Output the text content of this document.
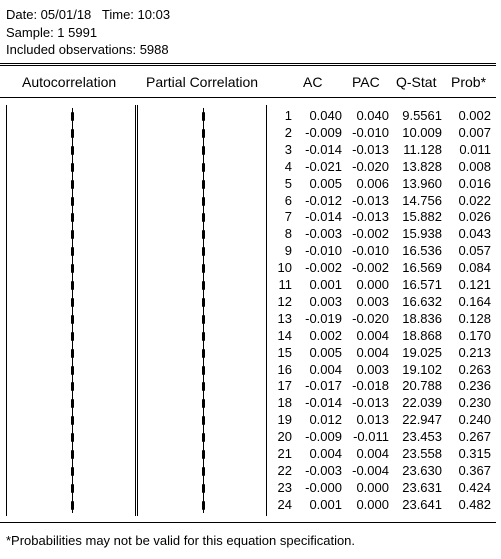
Date: 05/01/18   Time: 10:03
Sample: 1 5991
Included observations: 5988
Autocorrelation Partial Correlation	AC PAC Q-Stat Prob*
1	0.040	0.040	9.5561	0.002
2	-0.009 -0.010	10.009	0.007
3	-0.014 -0.013	11.128	0.011
4	-0.021 -0.020	13.828	0.008
5	0.005	0.006	13.960	0.016
6	-0.012 -0.013	14.756	0.022
7	-0.014 -0.013	15.882	0.026
8	-0.003 -0.002	15.938	0.043
9	-0.010 -0.010	16.536	0.057
10	-0.002 -0.002	16.569	0.084
11	0.001	0.000	16.571	0.121
12	0.003	0.003	16.632	0.164
13	-0.019 -0.020	18.836	0.128
14	0.002	0.004	18.868	0.170
15	0.005	0.004	19.025	0.213
16	0.004	0.003	19.102	0.263
17	-0.017 -0.018	20.788	0.236
18	-0.014 -0.013	22.039	0.230
19	0.012	0.013	22.947	0.240
20	-0.009 -0.011	23.453	0.267
21	0.004	0.004	23.558	0.315
22	-0.003 -0.004	23.630	0.367
23	-0.000	0.000	23.631	0.424
24	0.001	0.000	23.641	0.482
*Probabilities may not be valid for this equation specification.
